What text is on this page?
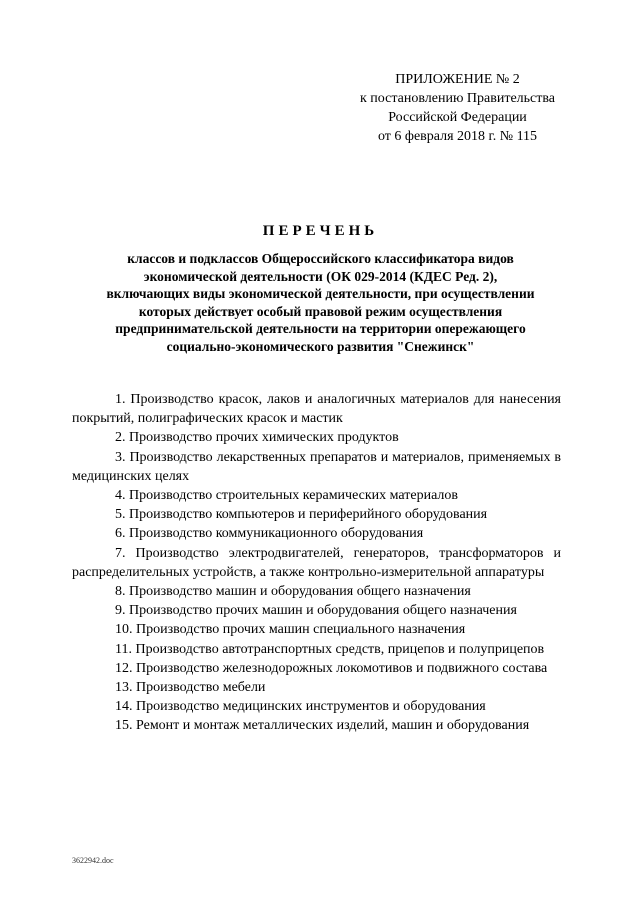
ПРИЛОЖЕНИЕ № 2
к постановлению Правительства
Российской Федерации
от 6 февраля 2018 г. № 115
ПЕРЕЧЕНЬ
классов и подклассов Общероссийского классификатора видов
экономической деятельности (ОК 029-2014 (КДЕС Ред. 2),
включающих виды экономической деятельности, при осуществлении
которых действует особый правовой режим осуществления
предпринимательской деятельности на территории опережающего
социально-экономического развития "Снежинск"

1. Производство красок, лаков и аналогичных материалов для нанесения покрытий, полиграфических красок и мастик

2. Производство прочих химических продуктов

3. Производство лекарственных препаратов и материалов, применяемых в медицинских целях

4. Производство строительных керамических материалов

5. Производство компьютеров и периферийного оборудования

6. Производство коммуникационного оборудования

7. Производство электродвигателей, генераторов, трансформаторов и распределительных устройств, а также контрольно-измерительной аппаратуры

8. Производство машин и оборудования общего назначения

9. Производство прочих машин и оборудования общего назначения

10. Производство прочих машин специального назначения

11. Производство автотранспортных средств, прицепов и полуприцепов

12. Производство железнодорожных локомотивов и подвижного состава

13. Производство мебели

14. Производство медицинских инструментов и оборудования

15. Ремонт и монтаж металлических изделий, машин и оборудования

3622942.doc
